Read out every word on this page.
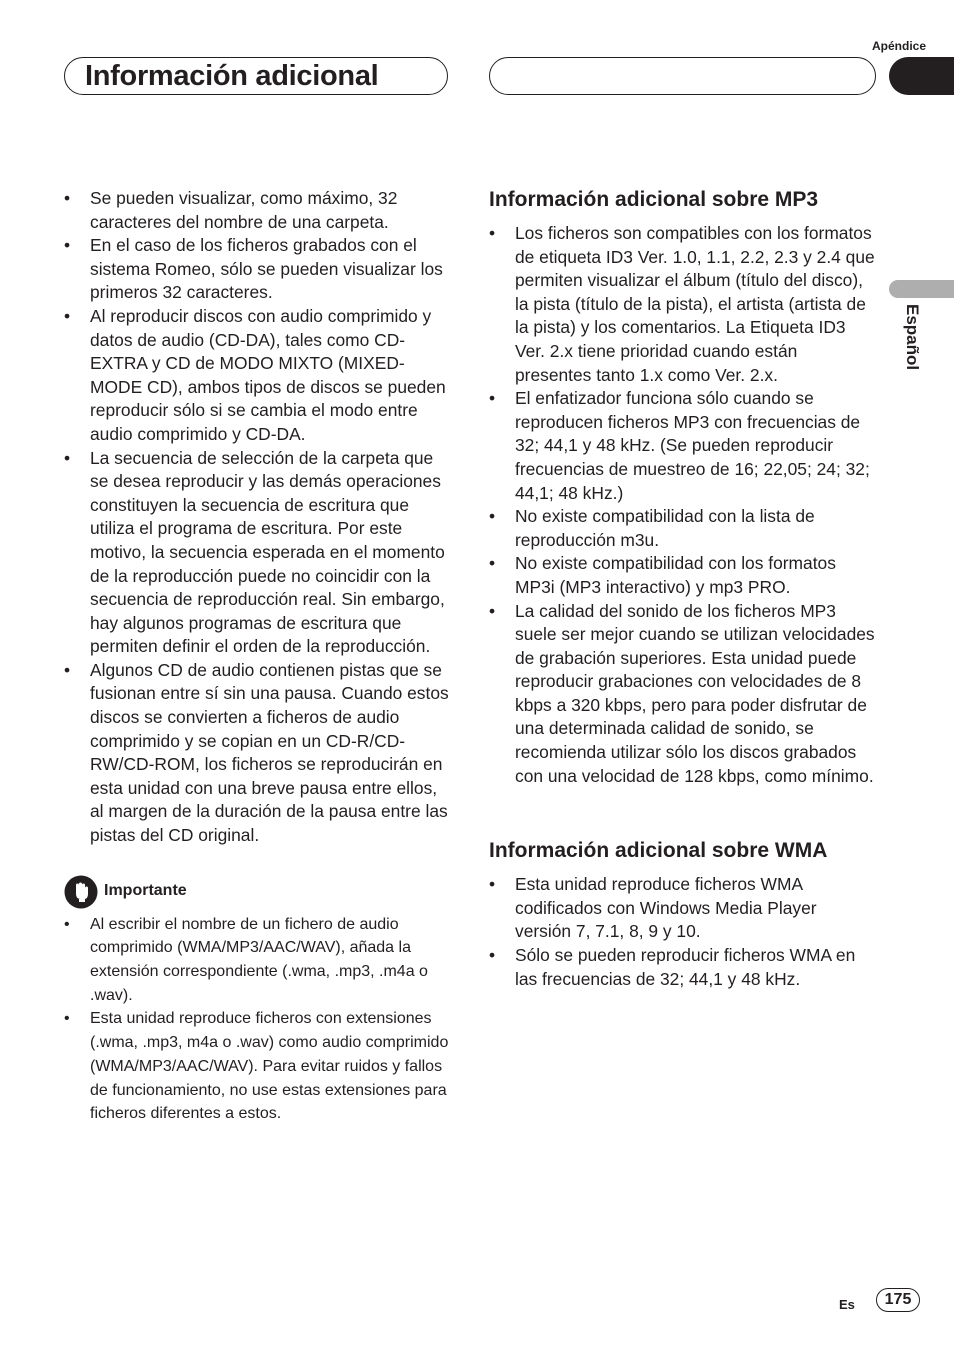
Apéndice
Información adicional
Español
• Se pueden visualizar, como máximo, 32 caracteres del nombre de una carpeta.
• En el caso de los ficheros grabados con el sistema Romeo, sólo se pueden visualizar los primeros 32 caracteres.
• Al reproducir discos con audio comprimido y datos de audio (CD-DA), tales como CD-EXTRA y CD de MODO MIXTO (MIXED-MODE CD), ambos tipos de discos se pueden reproducir sólo si se cambia el modo entre audio comprimido y CD-DA.
• La secuencia de selección de la carpeta que se desea reproducir y las demás operaciones constituyen la secuencia de escritura que utiliza el programa de escritura. Por este motivo, la secuencia esperada en el momento de la reproducción puede no coincidir con la secuencia de reproducción real. Sin embargo, hay algunos programas de escritura que permiten definir el orden de la reproducción.
• Algunos CD de audio contienen pistas que se fusionan entre sí sin una pausa. Cuando estos discos se convierten a ficheros de audio comprimido y se copian en un CD-R/CD-RW/CD-ROM, los ficheros se reproducirán en esta unidad con una breve pausa entre ellos, al margen de la duración de la pausa entre las pistas del CD original.
Importante
• Al escribir el nombre de un fichero de audio comprimido (WMA/MP3/AAC/WAV), añada la extensión correspondiente (.wma, .mp3, .m4a o .wav).
• Esta unidad reproduce ficheros con extensiones (.wma, .mp3, m4a o .wav) como audio comprimido (WMA/MP3/AAC/WAV). Para evitar ruidos y fallos de funcionamiento, no use estas extensiones para ficheros diferentes a estos.
Información adicional sobre MP3
• Los ficheros son compatibles con los formatos de etiqueta ID3 Ver. 1.0, 1.1, 2.2, 2.3 y 2.4 que permiten visualizar el álbum (título del disco), la pista (título de la pista), el artista (artista de la pista) y los comentarios. La Etiqueta ID3 Ver. 2.x tiene prioridad cuando están presentes tanto 1.x como Ver. 2.x.
• El enfatizador funciona sólo cuando se reproducen ficheros MP3 con frecuencias de 32; 44,1 y 48 kHz. (Se pueden reproducir frecuencias de muestreo de 16; 22,05; 24; 32; 44,1; 48 kHz.)
• No existe compatibilidad con la lista de reproducción m3u.
• No existe compatibilidad con los formatos MP3i (MP3 interactivo) y mp3 PRO.
• La calidad del sonido de los ficheros MP3 suele ser mejor cuando se utilizan velocidades de grabación superiores. Esta unidad puede reproducir grabaciones con velocidades de 8 kbps a 320 kbps, pero para poder disfrutar de una determinada calidad de sonido, se recomienda utilizar sólo los discos grabados con una velocidad de 128 kbps, como mínimo.
Información adicional sobre WMA
• Esta unidad reproduce ficheros WMA codificados con Windows Media Player versión 7, 7.1, 8, 9 y 10.
• Sólo se pueden reproducir ficheros WMA en las frecuencias de 32; 44,1 y 48 kHz.
Es	175
